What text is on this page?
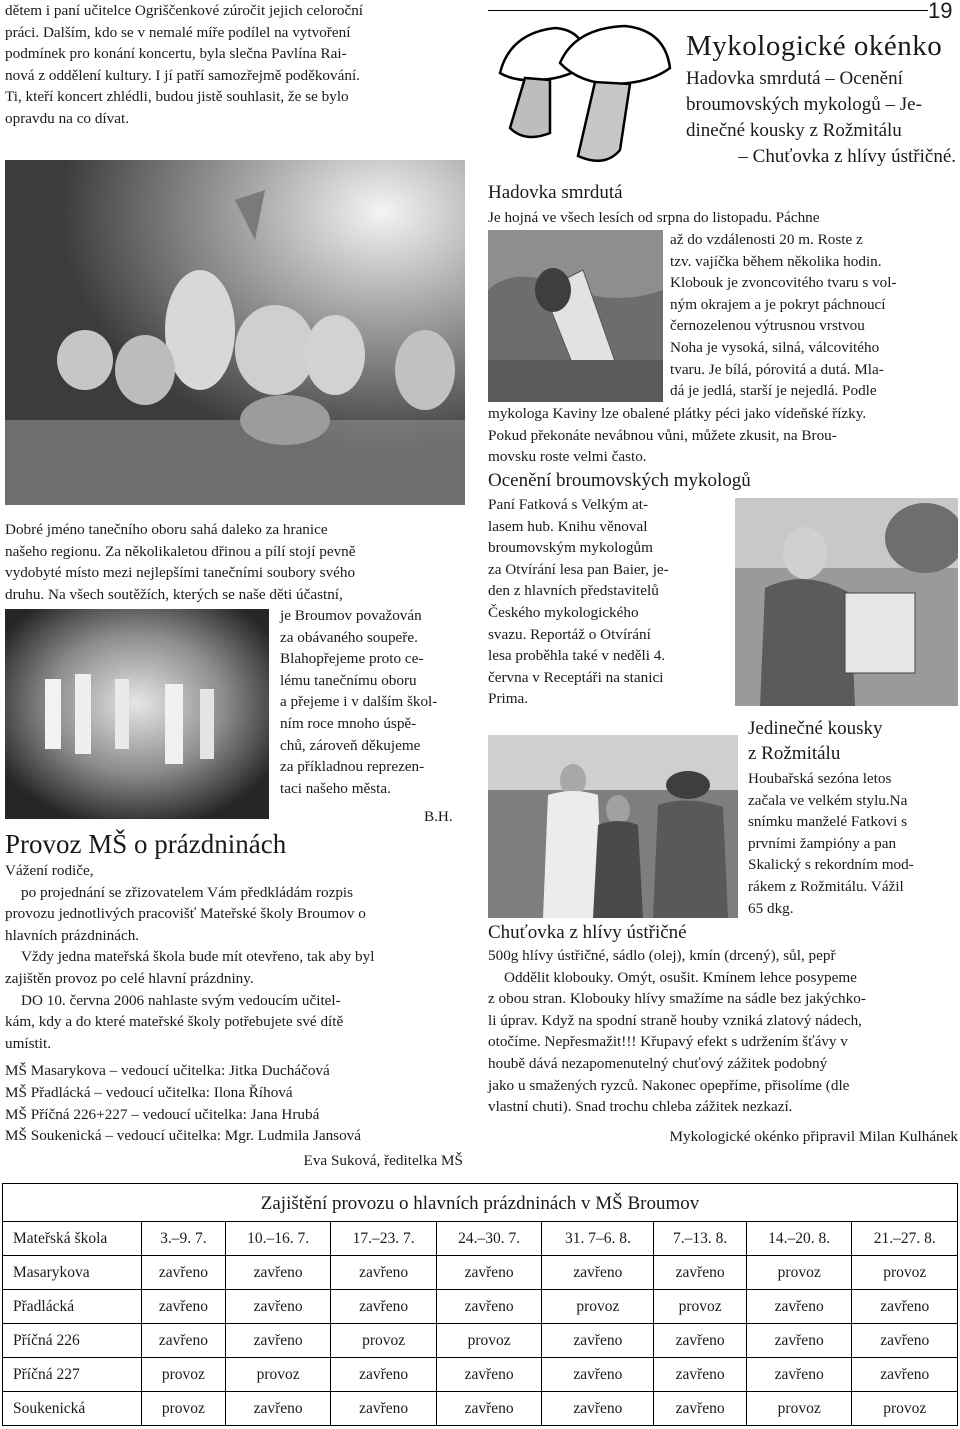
19
dětem i paní učitelce Ogriščenkové zúročit jejich celoroční
práci. Dalším, kdo se v nemalé míře podílel na vytvoření
podmínek pro konání koncertu, byla slečna Pavlína Rai-
nová z oddělení kultury. I jí patří samozřejmě poděkování.
Ti, kteří koncert zhlédli, budou jistě souhlasit, že se bylo
opravdu na co dívat.
Dobré jméno tanečního oboru sahá daleko za hranice
našeho regionu. Za několikaletou dřinou a pílí stojí pevně
vydobyté místo mezi nejlepšími tanečními soubory svého
druhu. Na všech soutěžích, kterých se naše děti účastní,
je Broumov považován
za obávaného soupeře.
Blahopřejeme proto ce-
lému tanečnímu oboru
a přejeme i v dalším škol-
ním roce mnoho úspě-
chů, zároveň děkujeme
za příkladnou reprezen-
taci našeho města.
B.H.
Provoz MŠ o prázdninách
Vážení rodiče,
po projednání se zřizovatelem Vám předkládám rozpis
provozu jednotlivých pracovišť Mateřské školy Broumov o
hlavních prázdninách.
Vždy jedna mateřská škola bude mít otevřeno, tak aby byl
zajištěn provoz po celé hlavní prázdniny.
DO 10. června 2006 nahlaste svým vedoucím učitel-
kám, kdy a do které mateřské školy potřebujete své dítě
umístit.
MŠ Masarykova – vedoucí učitelka: Jitka Ducháčová
MŠ Přadlácká – vedoucí učitelka: Ilona Říhová
MŠ Příčná 226+227 – vedoucí učitelka: Jana Hrubá
MŠ Soukenická – vedoucí učitelka: Mgr. Ludmila Jansová
Eva Suková, ředitelka MŠ
Mykologické okénko
Hadovka smrdutá – Ocenění
broumovských mykologů – Je-
dinečné kousky z Rožmitálu
– Chuťovka z hlívy ústřičné.
Hadovka smrdutá
Je hojná ve všech lesích od srpna do listopadu. Páchne
až do vzdálenosti 20 m. Roste z
tzv. vajíčka během několika hodin.
Klobouk je zvoncovitého tvaru s vol-
ným okrajem a je pokryt páchnoucí
černozelenou výtrusnou vrstvou
Noha je vysoká, silná, válcovitého
tvaru. Je bílá, pórovitá a dutá. Mla-
dá je jedlá, starší je nejedlá. Podle
mykologa Kaviny lze obalené plátky péci jako vídeňské řízky.
Pokud překonáte nevábnou vůni, můžete zkusit, na Brou-
movsku roste velmi často.
Ocenění broumovských mykologů
Paní Fatková s Velkým at-
lasem hub. Knihu věnoval
broumovským mykologům
za Otvírání lesa pan Baier, je-
den z hlavních představitelů
Českého mykologického
svazu. Reportáž o Otvírání
lesa proběhla také v neděli 4.
června v Receptáři na stanici
Prima.
Jedinečné kousky
z Rožmitálu
Houbařská sezóna letos
začala ve velkém stylu.Na
snímku manželé Fatkovi s
prvními žampióny a pan
Skalický s rekordním mod-
rákem z Rožmitálu. Vážil
65 dkg.
Chuťovka z hlívy ústřičné
500g hlívy ústřičné, sádlo (olej), kmín (drcený), sůl, pepř
Oddělit klobouky. Omýt, osušit. Kmínem lehce posypeme
z obou stran. Klobouky hlívy smažíme na sádle bez jakýchko-
li úprav. Když na spodní straně houby vzniká zlatový nádech,
otočíme. Nepřesmažit!!! Křupavý efekt s udržením šťávy v
houbě dává nezapomenutelný chuťový zážitek podobný
jako u smažených ryzců. Nakonec opepříme, přisolíme (dle
vlastní chuti). Snad trochu chleba zážitek nezkazí.
Mykologické okénko připravil Milan Kulhánek
Zajištění provozu o hlavních prázdninách v MŠ Broumov
Mateřská škola	3.–9. 7.	10.–16. 7.	17.–23. 7.	24.–30. 7.	31. 7–6. 8.	7.–13. 8.	14.–20. 8.	21.–27. 8.
Masarykova	zavřeno	zavřeno	zavřeno	zavřeno	zavřeno	zavřeno	provoz	provoz
Přadlácká	zavřeno	zavřeno	zavřeno	zavřeno	provoz	provoz	zavřeno	zavřeno
Příčná 226	zavřeno	zavřeno	provoz	provoz	zavřeno	zavřeno	zavřeno	zavřeno
Příčná 227	provoz	provoz	zavřeno	zavřeno	zavřeno	zavřeno	zavřeno	zavřeno
Soukenická	provoz	zavřeno	zavřeno	zavřeno	zavřeno	zavřeno	provoz	provoz
